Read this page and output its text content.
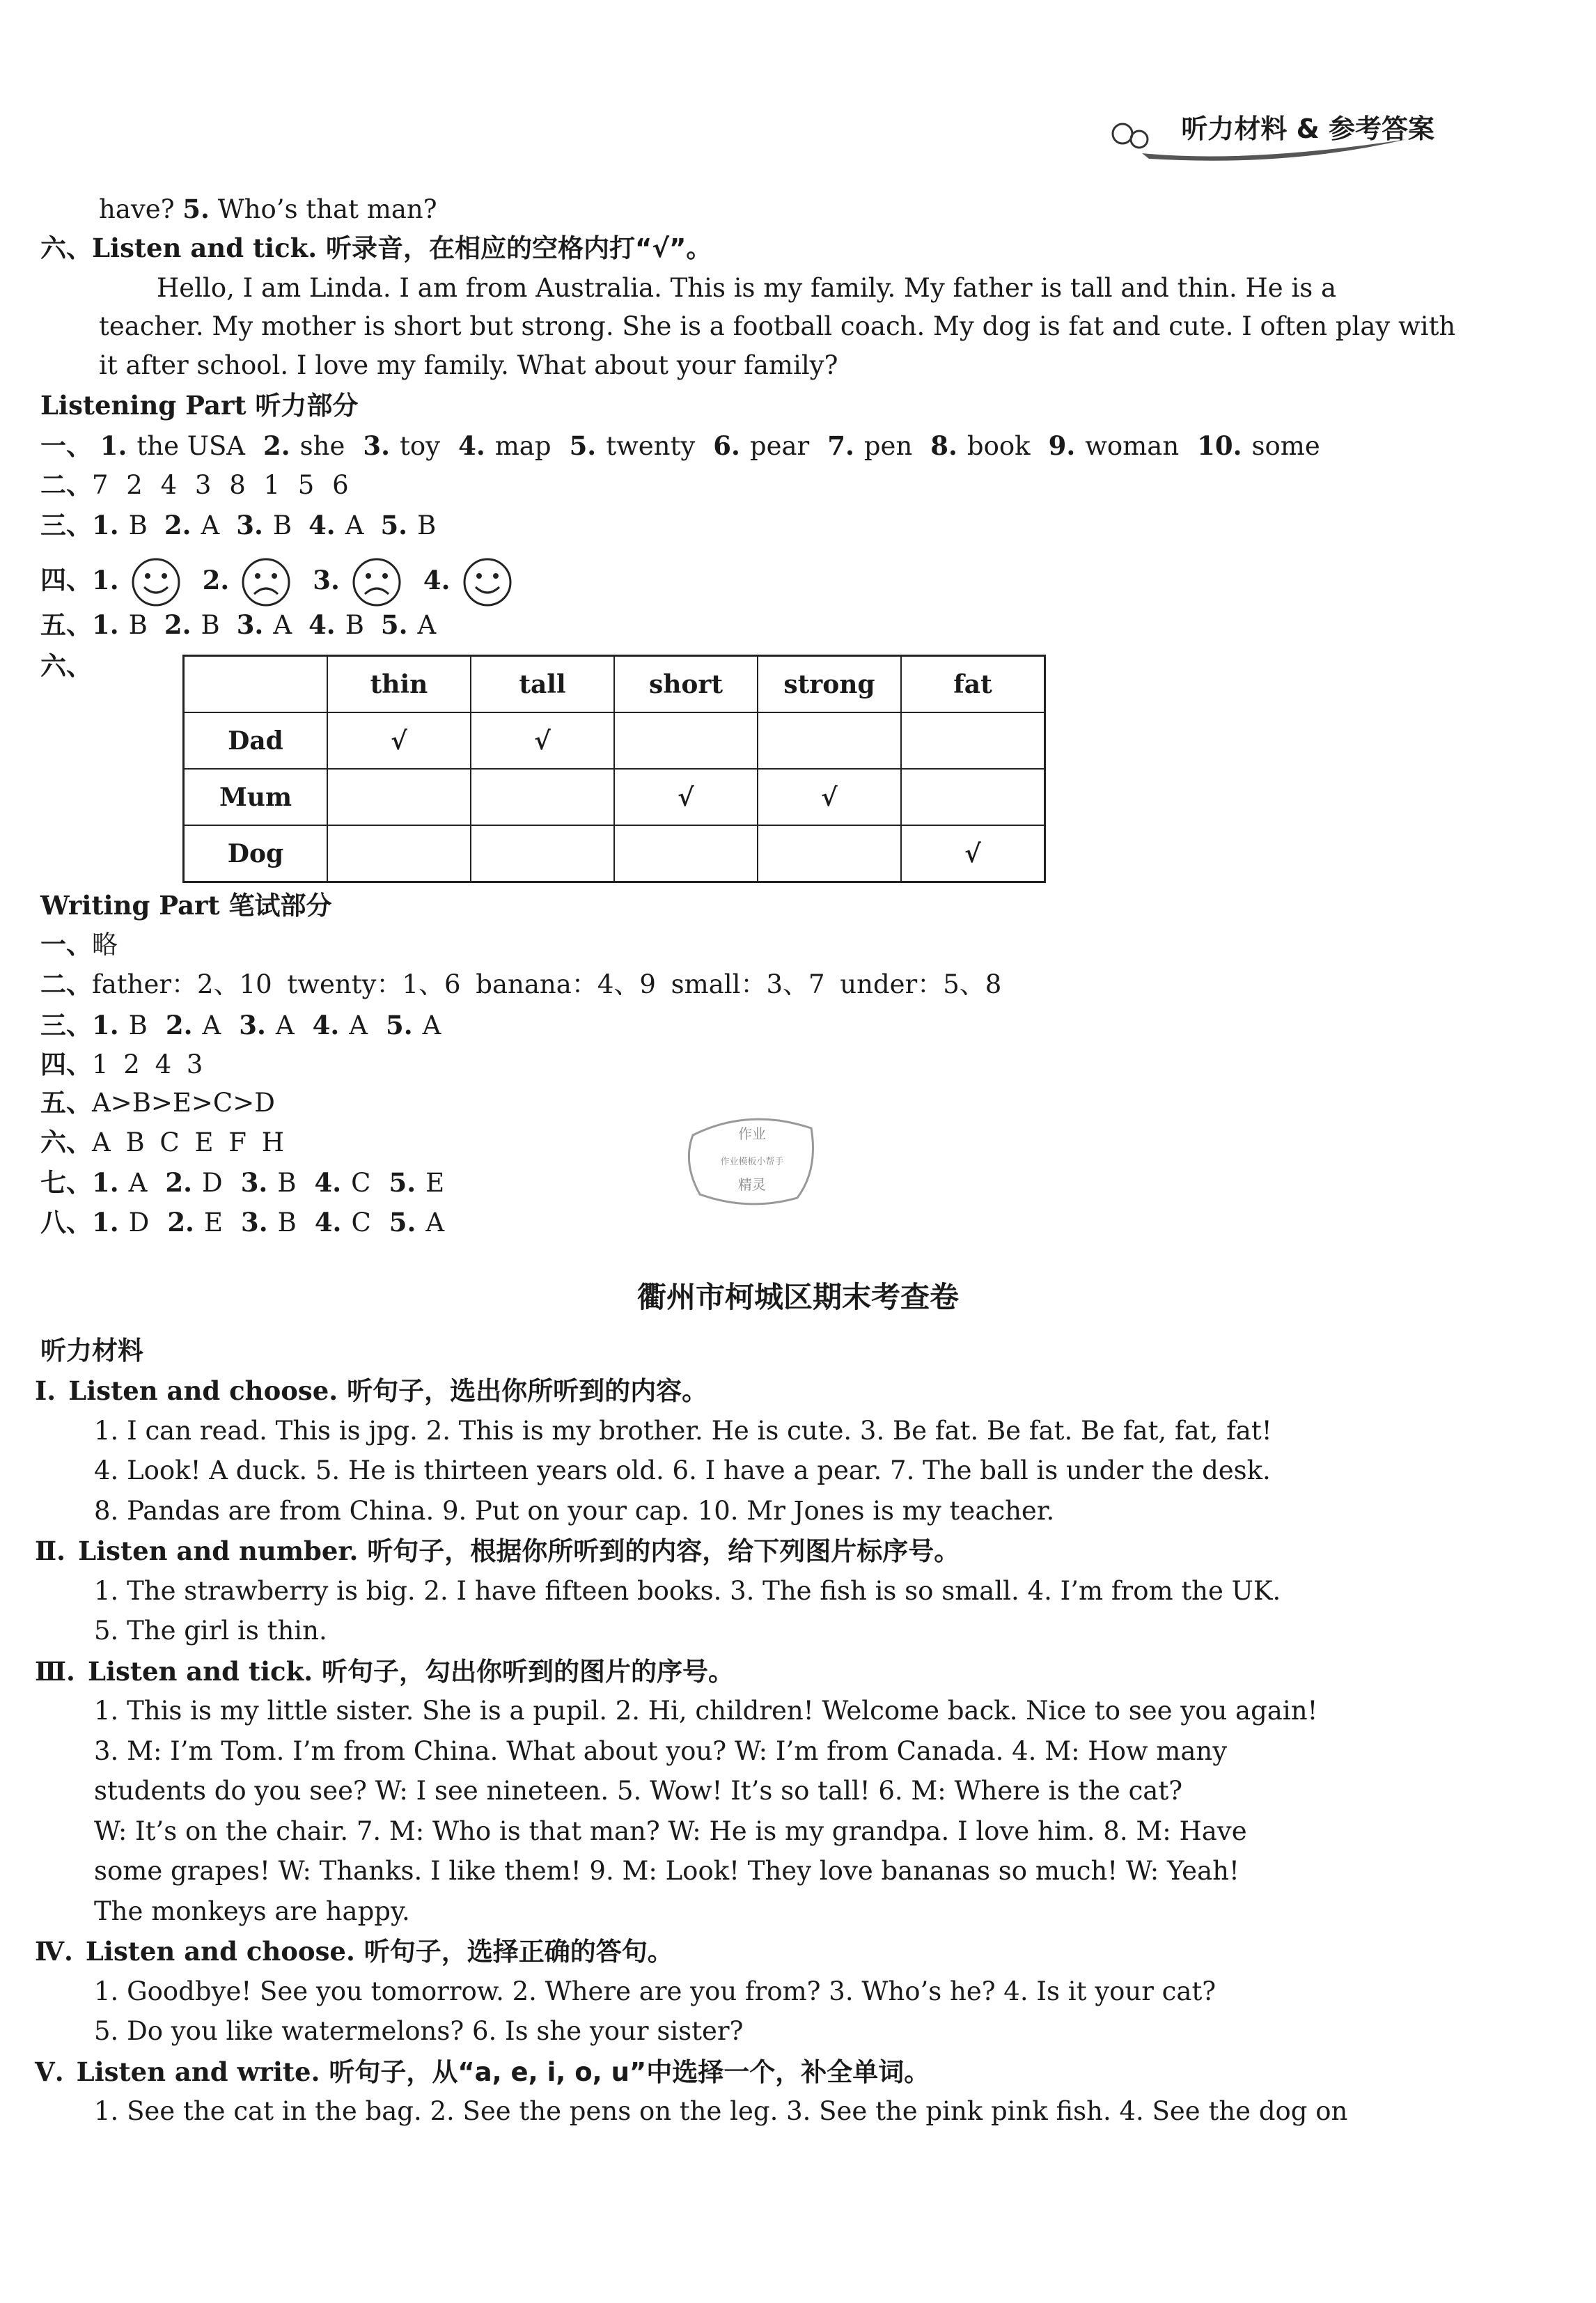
听力材料 & 参考答案
have? 5. Who’s that man?
六、Listen and tick. 听录音，在相应的空格内打“√”。
Hello, I am Linda. I am from Australia. This is my family. My father is tall and thin. He is a
teacher. My mother is short but strong. She is a football coach. My dog is fat and cute. I often play with
it after school. I love my family. What about your family?
Listening Part 听力部分
一、 1. the USA 2. she 3. toy 4. map 5. twenty 6. pear 7. pen 8. book 9. woman 10. some
二、7 2 4 3 8 1 5 6
三、1. B 2. A 3. B 4. A 5. B
四、1.	2.	3.	4.
五、1. B 2. B 3. A 4. B 5. A
六、
	thin	tall	short	strong	fat
Dad	√	√			
Mum			√	√	
Dog					√
Writing Part 笔试部分
一、略
二、father：2、10 twenty：1、6 banana：4、9 small：3、7 under：5、8
三、1. B 2. A 3. A 4. A 5. A
四、1 2 4 3
五、A>B>E>C>D
六、A B C E F H
七、1. A 2. D 3. B 4. C 5. E
八、1. D 2. E 3. B 4. C 5. A
作业
作业模板小帮手
精灵
衢州市柯城区期末考查卷
听力材料
Ⅰ. Listen and choose. 听句子，选出你所听到的内容。
1. I can read. This is jpg. 2. This is my brother. He is cute. 3. Be fat. Be fat. Be fat, fat, fat!
4. Look! A duck. 5. He is thirteen years old. 6. I have a pear. 7. The ball is under the desk.
8. Pandas are from China. 9. Put on your cap. 10. Mr Jones is my teacher.
Ⅱ. Listen and number. 听句子，根据你所听到的内容，给下列图片标序号。
1. The strawberry is big. 2. I have fifteen books. 3. The fish is so small. 4. I’m from the UK.
5. The girl is thin.
Ⅲ. Listen and tick. 听句子，勾出你听到的图片的序号。
1. This is my little sister. She is a pupil. 2. Hi, children! Welcome back. Nice to see you again!
3. M: I’m Tom. I’m from China. What about you? W: I’m from Canada. 4. M: How many
students do you see? W: I see nineteen. 5. Wow! It’s so tall! 6. M: Where is the cat?
W: It’s on the chair. 7. M: Who is that man? W: He is my grandpa. I love him. 8. M: Have
some grapes! W: Thanks. I like them! 9. M: Look! They love bananas so much! W: Yeah!
The monkeys are happy.
Ⅳ. Listen and choose. 听句子，选择正确的答句。
1. Goodbye! See you tomorrow. 2. Where are you from? 3. Who’s he? 4. Is it your cat?
5. Do you like watermelons? 6. Is she your sister?
Ⅴ. Listen and write. 听句子，从“a, e, i, o, u”中选择一个，补全单词。
1. See the cat in the bag. 2. See the pens on the leg. 3. See the pink pink fish. 4. See the dog on
